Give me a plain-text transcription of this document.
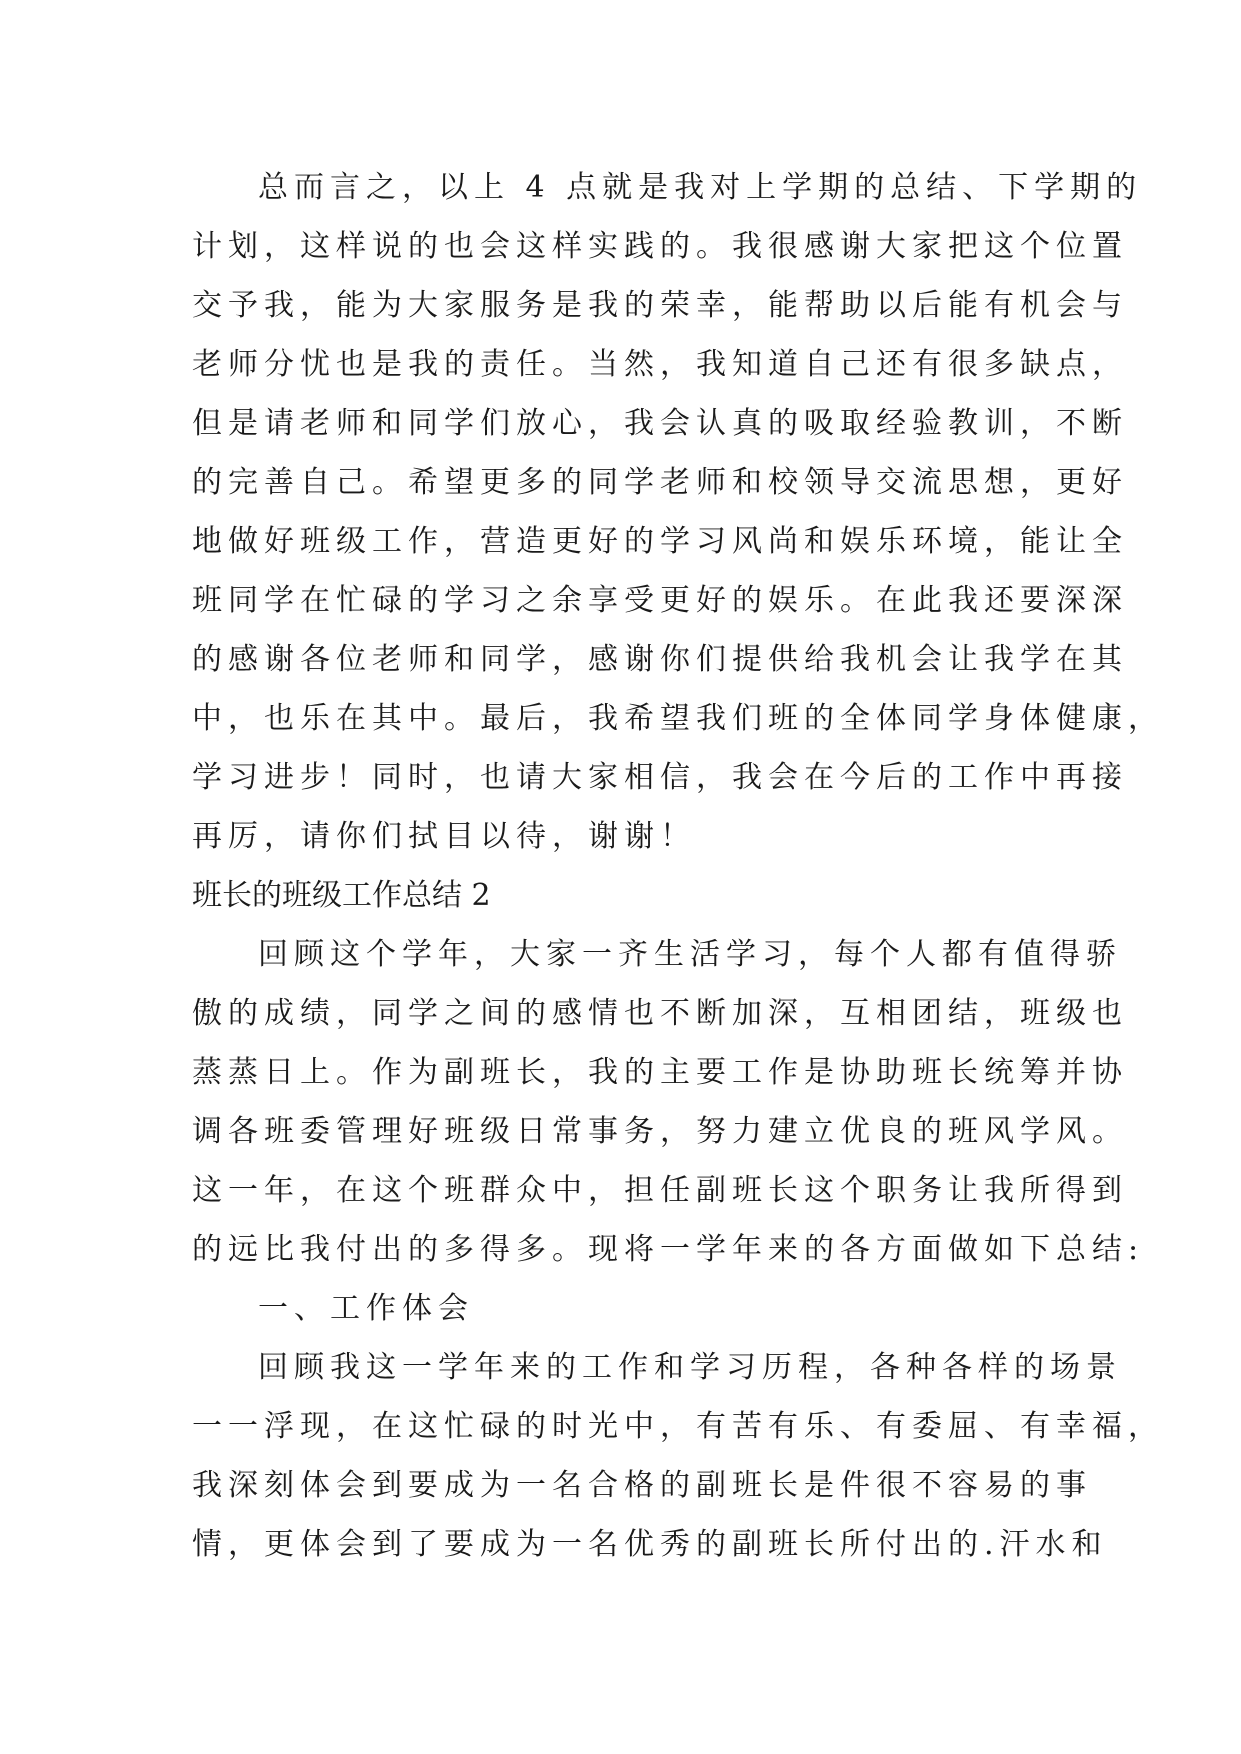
总而言之，以上 4 点就是我对上学期的总结、下学期的
计划，这样说的也会这样实践的。我很感谢大家把这个位置
交予我，能为大家服务是我的荣幸，能帮助以后能有机会与
老师分忧也是我的责任。当然，我知道自己还有很多缺点，
但是请老师和同学们放心，我会认真的吸取经验教训，不断
的完善自己。希望更多的同学老师和校领导交流思想，更好
地做好班级工作，营造更好的学习风尚和娱乐环境，能让全
班同学在忙碌的学习之余享受更好的娱乐。在此我还要深深
的感谢各位老师和同学，感谢你们提供给我机会让我学在其
中，也乐在其中。最后，我希望我们班的全体同学身体健康，
学习进步！同时，也请大家相信，我会在今后的工作中再接
再厉，请你们拭目以待，谢谢！
班长的班级工作总结 2
回顾这个学年，大家一齐生活学习，每个人都有值得骄
傲的成绩，同学之间的感情也不断加深，互相团结，班级也
蒸蒸日上。作为副班长，我的主要工作是协助班长统筹并协
调各班委管理好班级日常事务，努力建立优良的班风学风。
这一年，在这个班群众中，担任副班长这个职务让我所得到
的远比我付出的多得多。现将一学年来的各方面做如下总结:
一、工作体会
回顾我这一学年来的工作和学习历程，各种各样的场景
一一浮现，在这忙碌的时光中，有苦有乐、有委屈、有幸福，
我深刻体会到要成为一名合格的副班长是件很不容易的事
情，更体会到了要成为一名优秀的副班长所付出的.汗水和
